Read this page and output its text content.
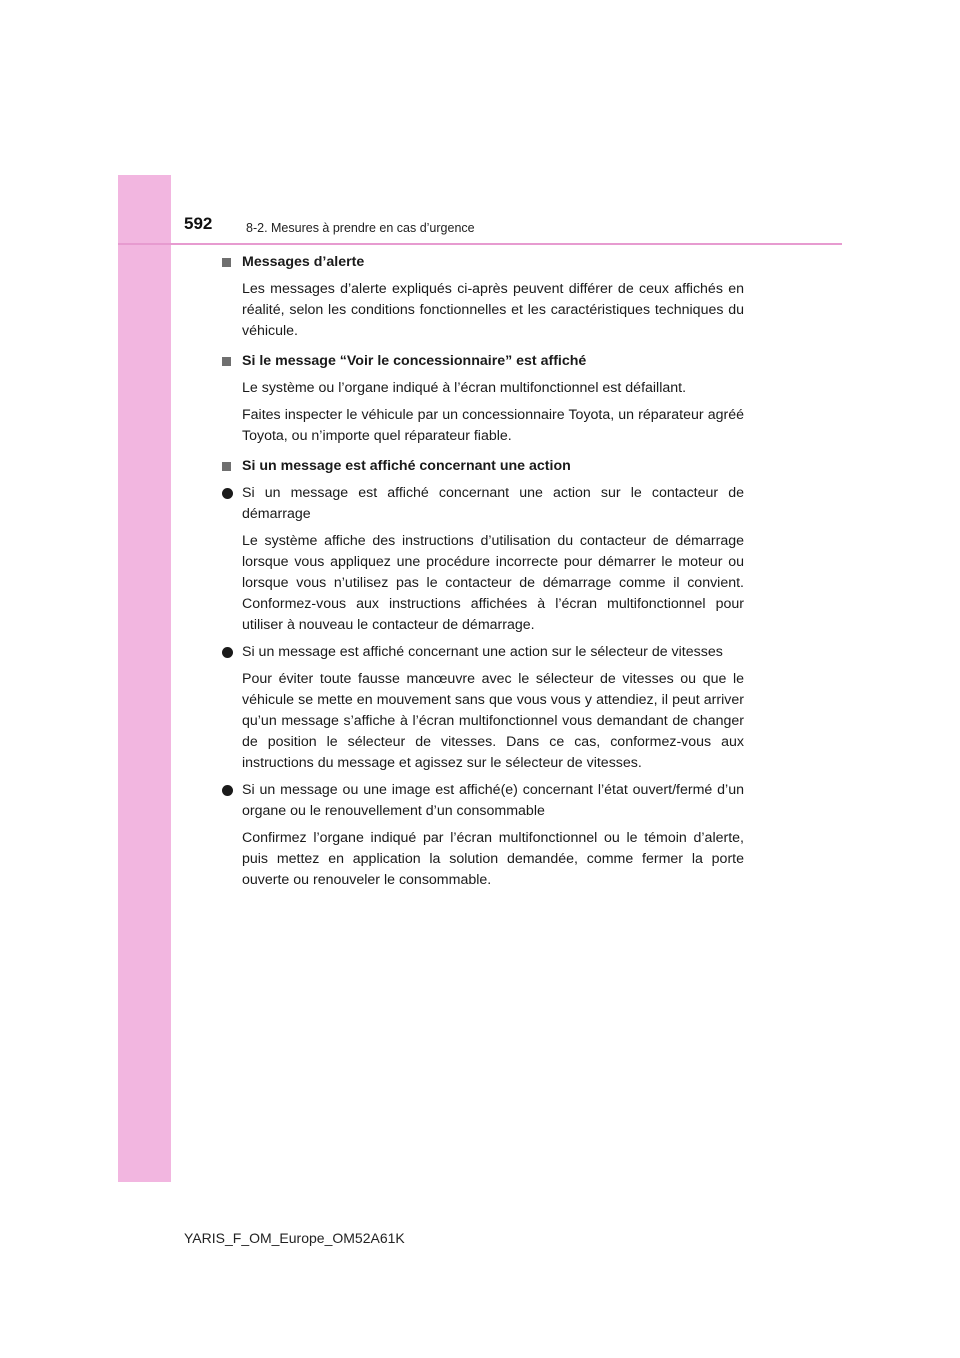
592	8-2. Mesures à prendre en cas d’urgence
Messages d’alerte

Les messages d’alerte expliqués ci-après peuvent différer de ceux affichés en réalité, selon les conditions fonctionnelles et les caractéristiques techniques du véhicule.

Si le message “Voir le concessionnaire” est affiché

Le système ou l’organe indiqué à l’écran multifonctionnel est défaillant.

Faites inspecter le véhicule par un concessionnaire Toyota, un réparateur agréé Toyota, ou n’importe quel réparateur fiable.

Si un message est affiché concernant une action
Si un message est affiché concernant une action sur le contacteur de démarrage

Le système affiche des instructions d’utilisation du contacteur de démarrage lorsque vous appliquez une procédure incorrecte pour démarrer le moteur ou lorsque vous n’utilisez pas le contacteur de démarrage comme il convient. Conformez-vous aux instructions affichées à l’écran multifonctionnel pour utiliser à nouveau le contacteur de démarrage.

Si un message est affiché concernant une action sur le sélecteur de vitesses

Pour éviter toute fausse manœuvre avec le sélecteur de vitesses ou que le véhicule se mette en mouvement sans que vous vous y attendiez, il peut arriver qu’un message s’affiche à l’écran multifonctionnel vous demandant de changer de position le sélecteur de vitesses. Dans ce cas, conformez-vous aux instructions du message et agissez sur le sélecteur de vitesses.

Si un message ou une image est affiché(e) concernant l’état ouvert/fermé d’un organe ou le renouvellement d’un consommable

Confirmez l’organe indiqué par l’écran multifonctionnel ou le témoin d’alerte, puis mettez en application la solution demandée, comme fermer la porte ouverte ou renouveler le consommable.

YARIS_F_OM_Europe_OM52A61K
